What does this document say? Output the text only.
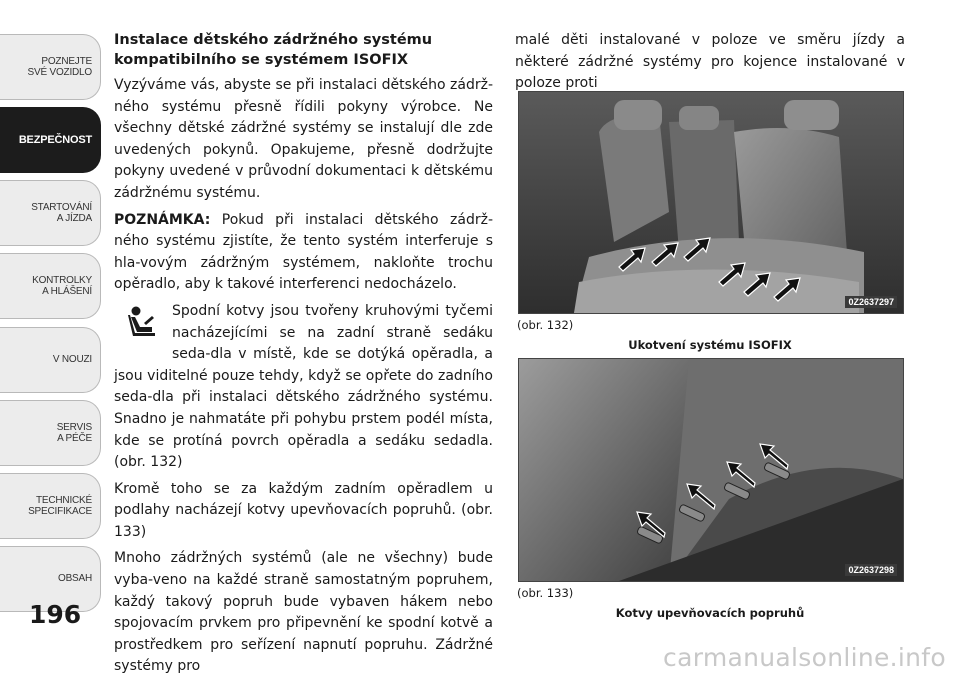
POZNEJTE
SVÉ VOZIDLO
BEZPEČNOST
STARTOVÁNÍ
A JÍZDA
KONTROLKY
A HLÁŠENÍ
V NOUZI
SERVIS
A PÉČE
TECHNICKÉ
SPECIFIKACE
OBSAH
196

Instalace dětského zádržného systému
kompatibilního se systémem ISOFIX

Vyzýváme vás, abyste se při instalaci dětského zádrž-ného systému přesně řídili pokyny výrobce. Ne všechny dětské zádržné systémy se instalují dle zde uvedených pokynů. Opakujeme, přesně dodržujte pokyny uvedené v průvodní dokumentaci k dětskému zádržnému systému.

POZNÁMKA: Pokud při instalaci dětského zádrž-ného systému zjistíte, že tento systém interferuje s hla-vovým zádržným systémem, nakloňte trochu opěradlo, aby k takové interferenci nedocházelo.

Spodní kotvy jsou tvořeny kruhovými tyčemi nacházejícími se na zadní straně sedáku seda-dla v místě, kde se dotýká opěradla, a jsou viditelné pouze tehdy, když se opřete do zadního seda-dla při instalaci dětského zádržného systému. Snadno je nahmatáte při pohybu prstem podél místa, kde se protíná povrch opěradla a sedáku sedadla. (obr. 132)

Kromě toho se za každým zadním opěradlem u podlahy nacházejí kotvy upevňovacích popruhů. (obr. 133)

Mnoho zádržných systémů (ale ne všechny) bude vyba-veno na každé straně samostatným popruhem, každý takový popruh bude vybaven hákem nebo spojovacím prvkem pro připevnění ke spodní kotvě a prostředkem pro seřízení napnutí popruhu. Zádržné systémy pro

malé děti instalované v poloze ve směru jízdy a některé zádržné systémy pro kojence instalované v poloze proti

0Z2637297
(obr. 132)
Ukotvení systému ISOFIX
0Z2637298
(obr. 133)
Kotvy upevňovacích popruhů
carmanualsonline.info
